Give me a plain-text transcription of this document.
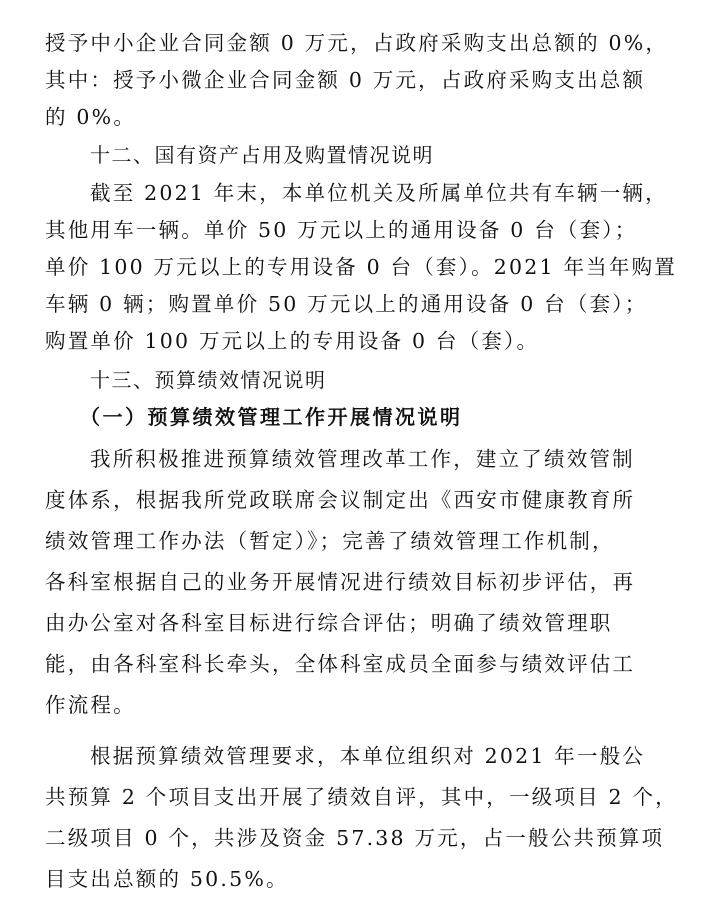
授予中小企业合同金额 0 万元，占政府采购支出总额的 0%，
其中：授予小微企业合同金额 0 万元，占政府采购支出总额
的 0%。
十二、国有资产占用及购置情况说明
截至 2021 年末，本单位机关及所属单位共有车辆一辆，
其他用车一辆。单价 50 万元以上的通用设备 0 台（套）；
单价 100 万元以上的专用设备 0 台（套）。2021 年当年购置
车辆 0 辆；购置单价 50 万元以上的通用设备 0 台（套）；
购置单价 100 万元以上的专用设备 0 台（套）。
十三、预算绩效情况说明
（一）预算绩效管理工作开展情况说明
我所积极推进预算绩效管理改革工作，建立了绩效管制
度体系，根据我所党政联席会议制定出《西安市健康教育所
绩效管理工作办法（暂定）》；完善了绩效管理工作机制，
各科室根据自己的业务开展情况进行绩效目标初步评估，再
由办公室对各科室目标进行综合评估；明确了绩效管理职
能，由各科室科长牵头，全体科室成员全面参与绩效评估工
作流程。
根据预算绩效管理要求，本单位组织对 2021 年一般公
共预算 2 个项目支出开展了绩效自评，其中，一级项目 2 个，
二级项目 0 个，共涉及资金 57.38 万元，占一般公共预算项
目支出总额的 50.5%。
